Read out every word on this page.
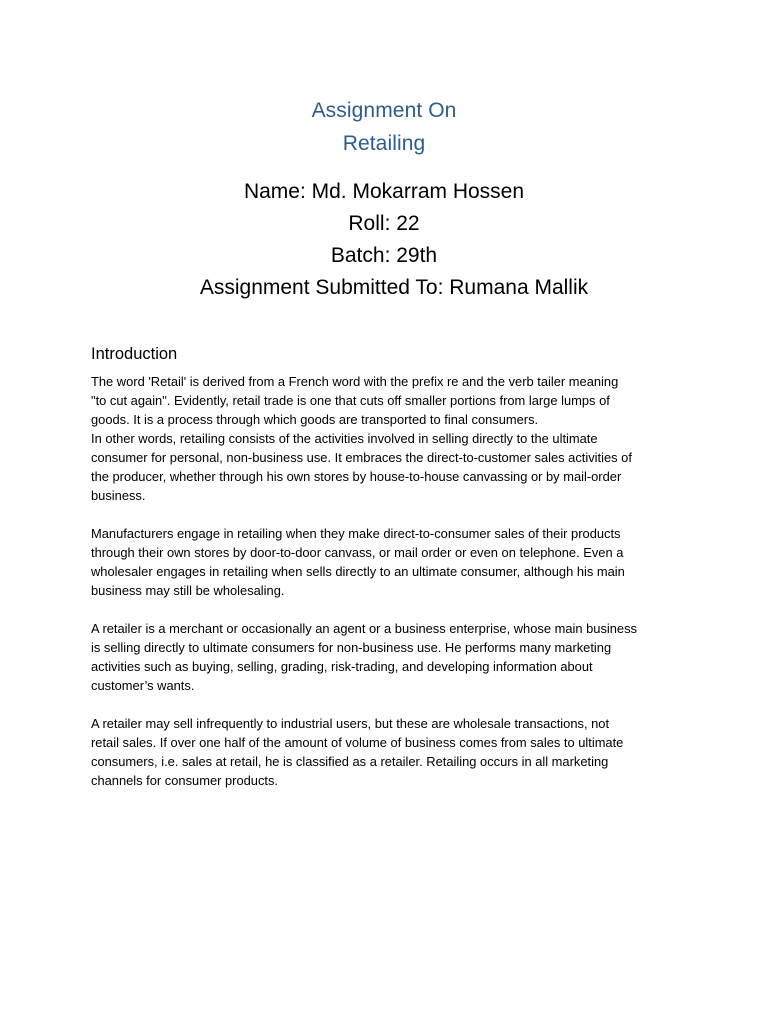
Assignment On
Retailing
Name: Md. Mokarram Hossen
Roll: 22
Batch: 29th
Assignment Submitted To: Rumana Mallik
Introduction
The word 'Retail' is derived from a French word with the prefix re and the verb tailer meaning
"to cut again". Evidently, retail trade is one that cuts off smaller portions from large lumps of
goods. It is a process through which goods are transported to final consumers.
In other words, retailing consists of the activities involved in selling directly to the ultimate
consumer for personal, non-business use. It embraces the direct-to-customer sales activities of
the producer, whether through his own stores by house-to-house canvassing or by mail-order
business.
Manufacturers engage in retailing when they make direct-to-consumer sales of their products
through their own stores by door-to-door canvass, or mail order or even on telephone. Even a
wholesaler engages in retailing when sells directly to an ultimate consumer, although his main
business may still be wholesaling.
A retailer is a merchant or occasionally an agent or a business enterprise, whose main business
is selling directly to ultimate consumers for non-business use. He performs many marketing
activities such as buying, selling, grading, risk-trading, and developing information about
customer’s wants.
A retailer may sell infrequently to industrial users, but these are wholesale transactions, not
retail sales. If over one half of the amount of volume of business comes from sales to ultimate
consumers, i.e. sales at retail, he is classified as a retailer. Retailing occurs in all marketing
channels for consumer products.
